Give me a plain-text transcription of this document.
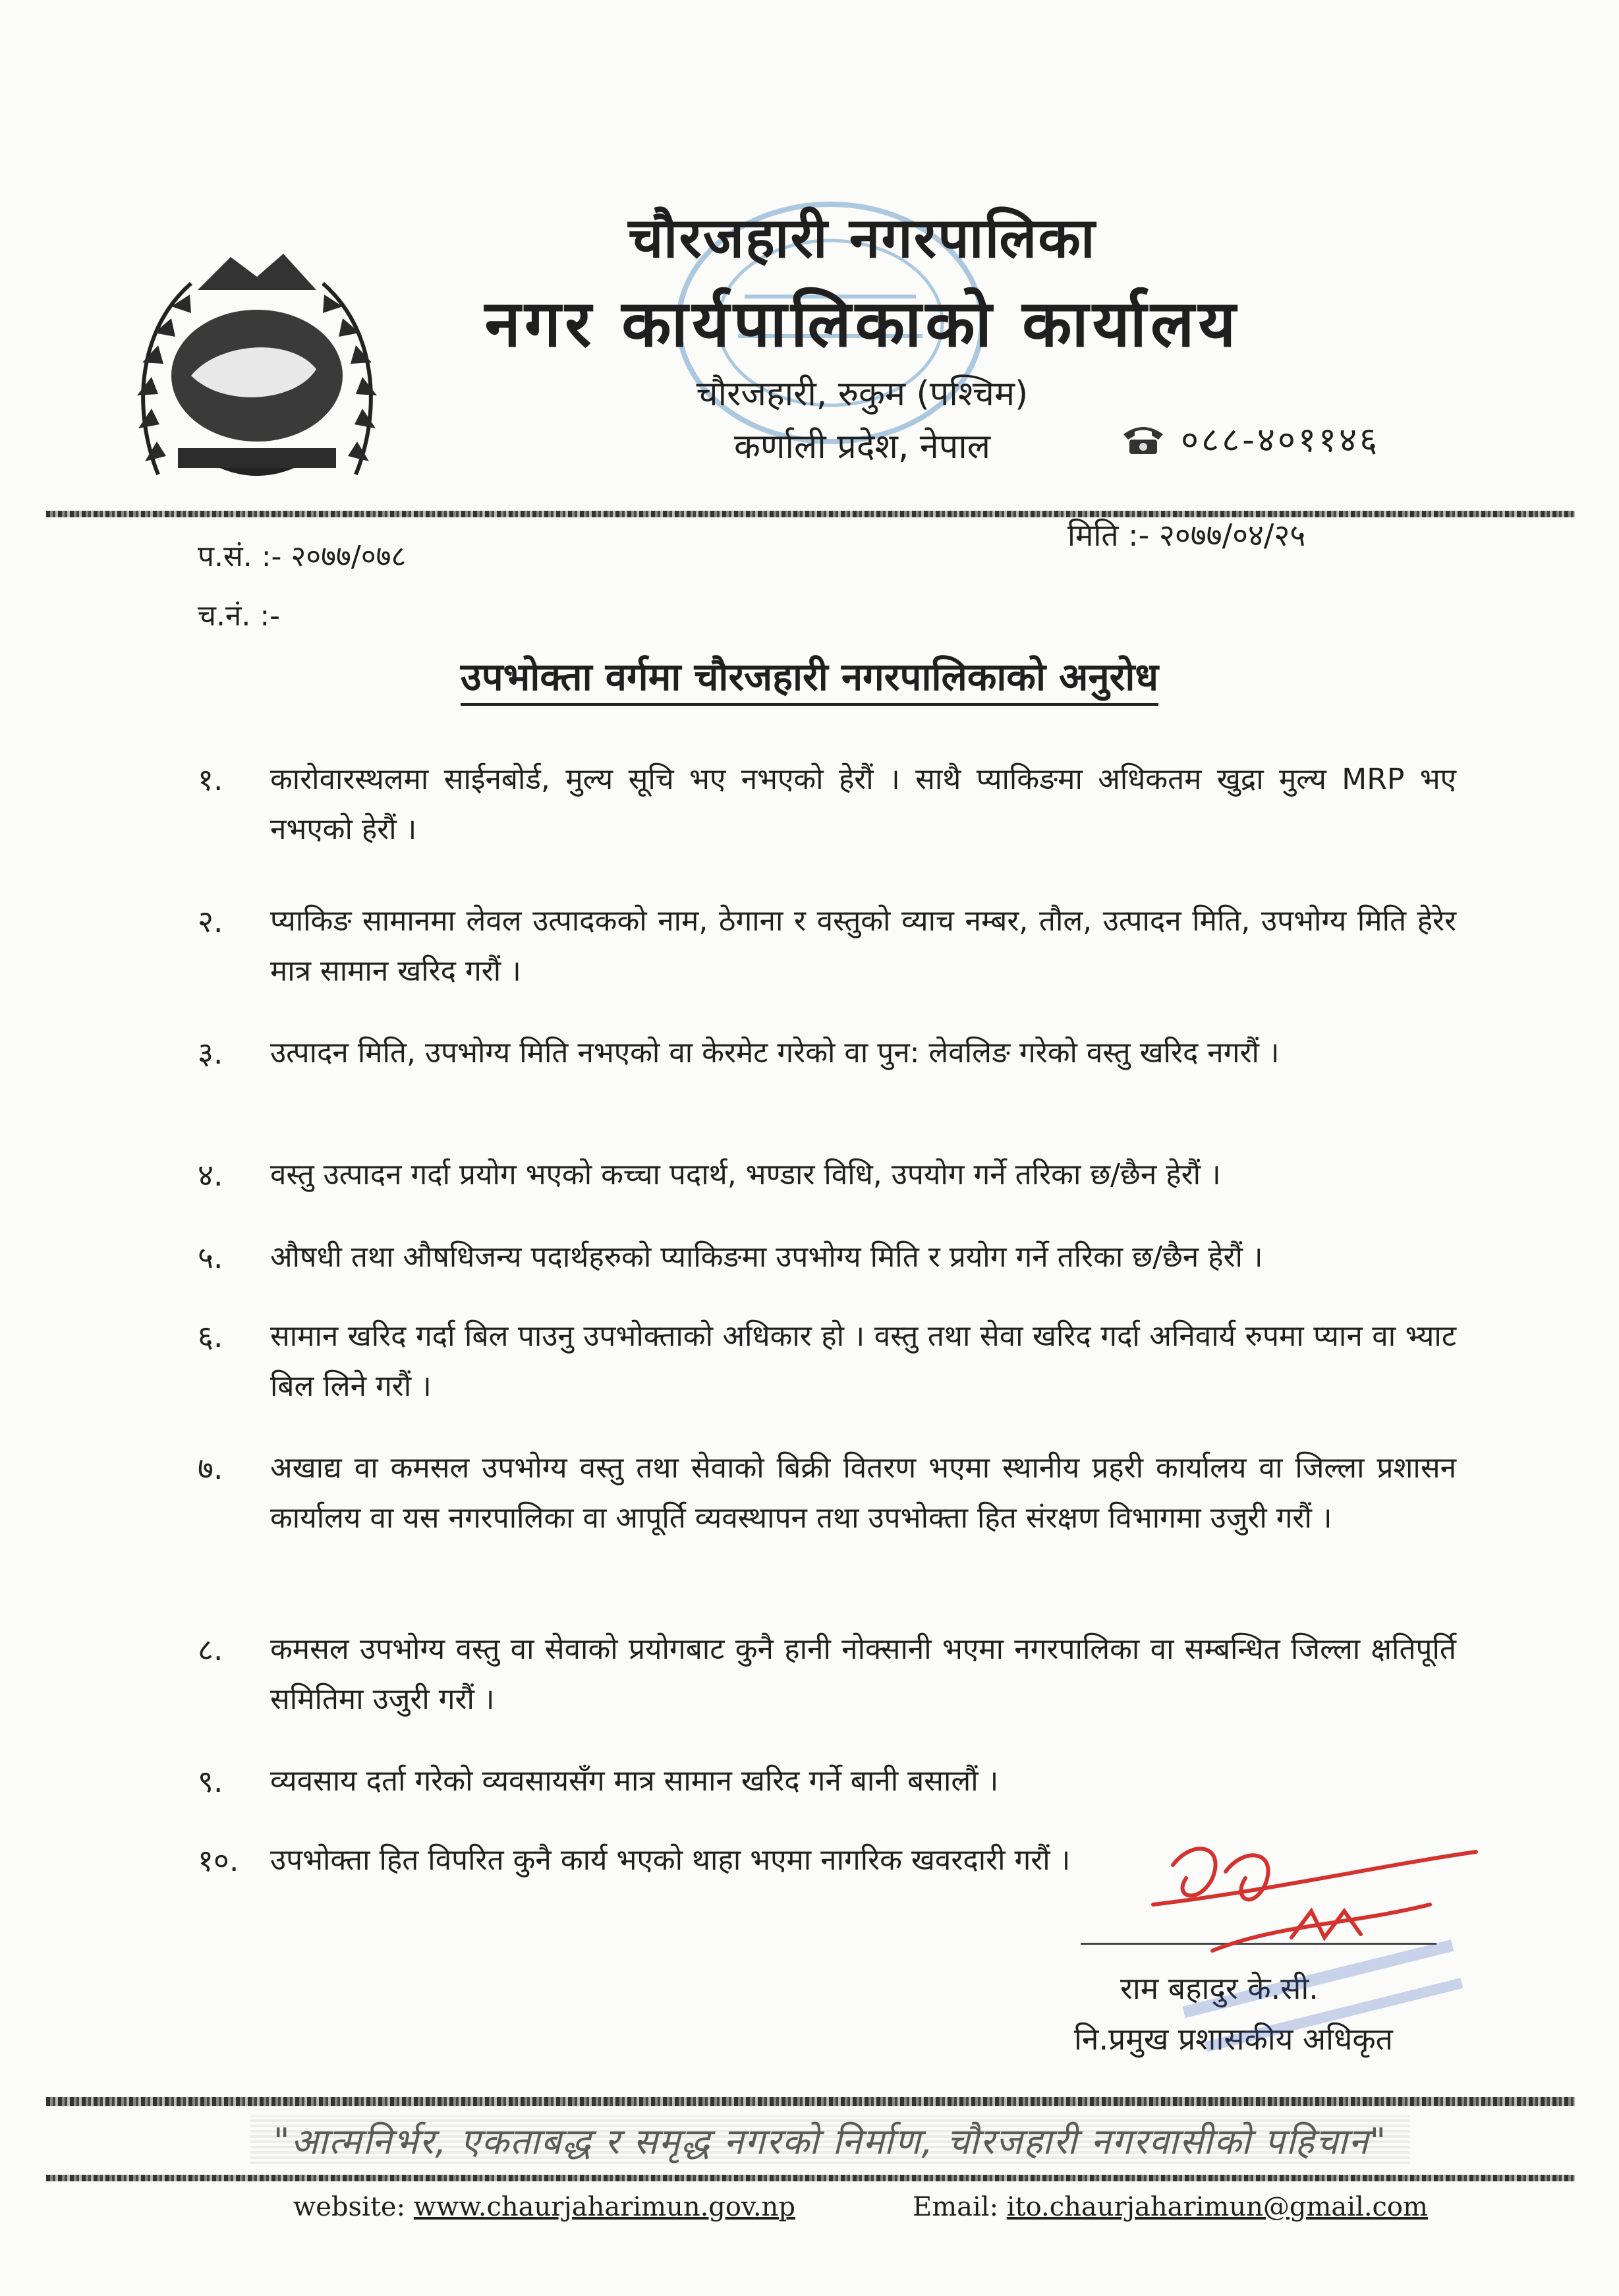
चौरजहारी नगरपालिका
नगर कार्यपालिकाको कार्यालय
चौरजहारी, रुकुम (पश्चिम)
कर्णाली प्रदेश, नेपाल	०८८-४०११४६
प.सं. :- २०७७/०७८
च.नं. :-
मिति :- २०७७/०४/२५
उपभोक्ता वर्गमा चौरजहारी नगरपालिकाको अनुरोध
१.	कारोवारस्थलमा साईनबोर्ड, मुल्य सूचि भए नभएको हेरौं । साथै प्याकिङमा अधिकतम खुद्रा मुल्य MRP भए नभएको हेरौं ।
२.	प्याकिङ सामानमा लेवल उत्पादकको नाम, ठेगाना र वस्तुको व्याच नम्बर, तौल, उत्पादन मिति, उपभोग्य मिति हेरेर मात्र सामान खरिद गरौं ।
३.	उत्पादन मिति, उपभोग्य मिति नभएको वा केरमेट गरेको वा पुन: लेवलिङ गरेको वस्तु खरिद नगरौं ।
४.	वस्तु उत्पादन गर्दा प्रयोग भएको कच्चा पदार्थ, भण्डार विधि, उपयोग गर्ने तरिका छ/छैन हेरौं ।
५.	औषधी तथा औषधिजन्य पदार्थहरुको प्याकिङमा उपभोग्य मिति र प्रयोग गर्ने तरिका छ/छैन हेरौं ।
६.	सामान खरिद गर्दा बिल पाउनु उपभोक्ताको अधिकार हो । वस्तु तथा सेवा खरिद गर्दा अनिवार्य रुपमा प्यान वा भ्याट बिल लिने गरौं ।
७.	अखाद्य वा कमसल उपभोग्य वस्तु तथा सेवाको बिक्री वितरण भएमा स्थानीय प्रहरी कार्यालय वा जिल्ला प्रशासन कार्यालय वा यस नगरपालिका वा आपूर्ति व्यवस्थापन तथा उपभोक्ता हित संरक्षण विभागमा उजुरी गरौं ।
८.	कमसल उपभोग्य वस्तु वा सेवाको प्रयोगबाट कुनै हानी नोक्सानी भएमा नगरपालिका वा सम्बन्धित जिल्ला क्षतिपूर्ति समितिमा उजुरी गरौं ।
९.	व्यवसाय दर्ता गरेको व्यवसायसँग मात्र सामान खरिद गर्ने बानी बसालौं ।
१०.	उपभोक्ता हित विपरित कुनै कार्य भएको थाहा भएमा नागरिक खवरदारी गरौं ।
राम बहादुर के.सी.
नि.प्रमुख प्रशासकीय अधिकृत
"आत्मनिर्भर, एकताबद्ध र समृद्ध नगरको निर्माण, चौरजहारी नगरवासीको पहिचान"
website: www.chaurjaharimun.gov.np	Email: ito.chaurjaharimun@gmail.com
